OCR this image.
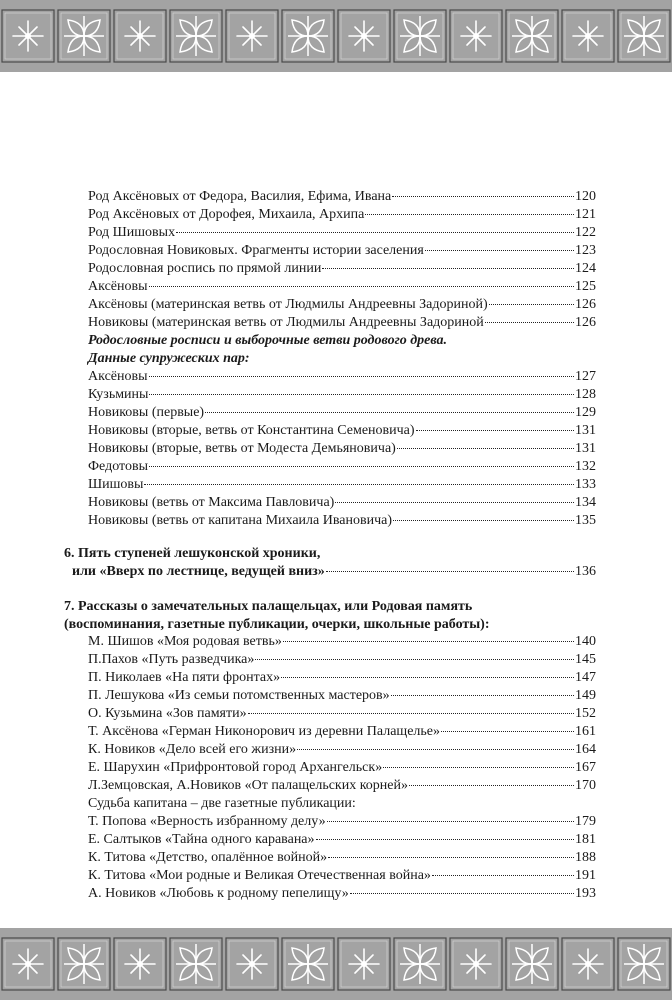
Род Аксёновых от Федора, Василия, Ефима, Ивана	120
Род Аксёновых от Дорофея, Михаила, Архипа	121
Род Шишовых	122
Родословная Новиковых. Фрагменты истории заселения	123
Родословная роспись по прямой линии	124
Аксёновы	125
Аксёновы (материнская ветвь от Людмилы Андреевны Задориной)	126
Новиковы (материнская ветвь от Людмилы Андреевны Задориной	126
Родословные росписи и выборочные ветви родового древа.
Данные супружеских пар:
Аксёновы	127
Кузьмины	128
Новиковы (первые)	129
Новиковы (вторые, ветвь от Константина Семеновича)	131
Новиковы (вторые, ветвь от Модеста Демьяновича)	131
Федотовы	132
Шишовы	133
Новиковы (ветвь от Максима Павловича)	134
Новиковы (ветвь от капитана Михаила Ивановича)	135
6. Пять ступеней лешуконской хроники,
или «Вверх по лестнице, ведущей вниз»	136
7. Рассказы о замечательных палащельцах, или Родовая память
(воспоминания, газетные публикации, очерки, школьные работы):
М. Шишов «Моя родовая ветвь»	140
П.Пахов «Путь разведчика»	145
П. Николаев «На пяти фронтах»	147
П. Лешукова «Из семьи потомственных мастеров»	149
О. Кузьмина «Зов памяти»	152
Т. Аксёнова «Герман Никонорович из деревни Палащелье»	161
К. Новиков «Дело всей его жизни»	164
Е. Шарухин «Прифронтовой город Архангельск»	167
Л.Земцовская, А.Новиков «От палащельских корней»	170
Судьба капитана – две газетные публикации:
Т. Попова «Верность избранному делу»	179
Е. Салтыков «Тайна одного каравана»	181
К. Титова «Детство, опалённое войной»	188
К. Титова «Мои родные и Великая Отечественная война»	191
А. Новиков «Любовь к родному пепелищу»	193
